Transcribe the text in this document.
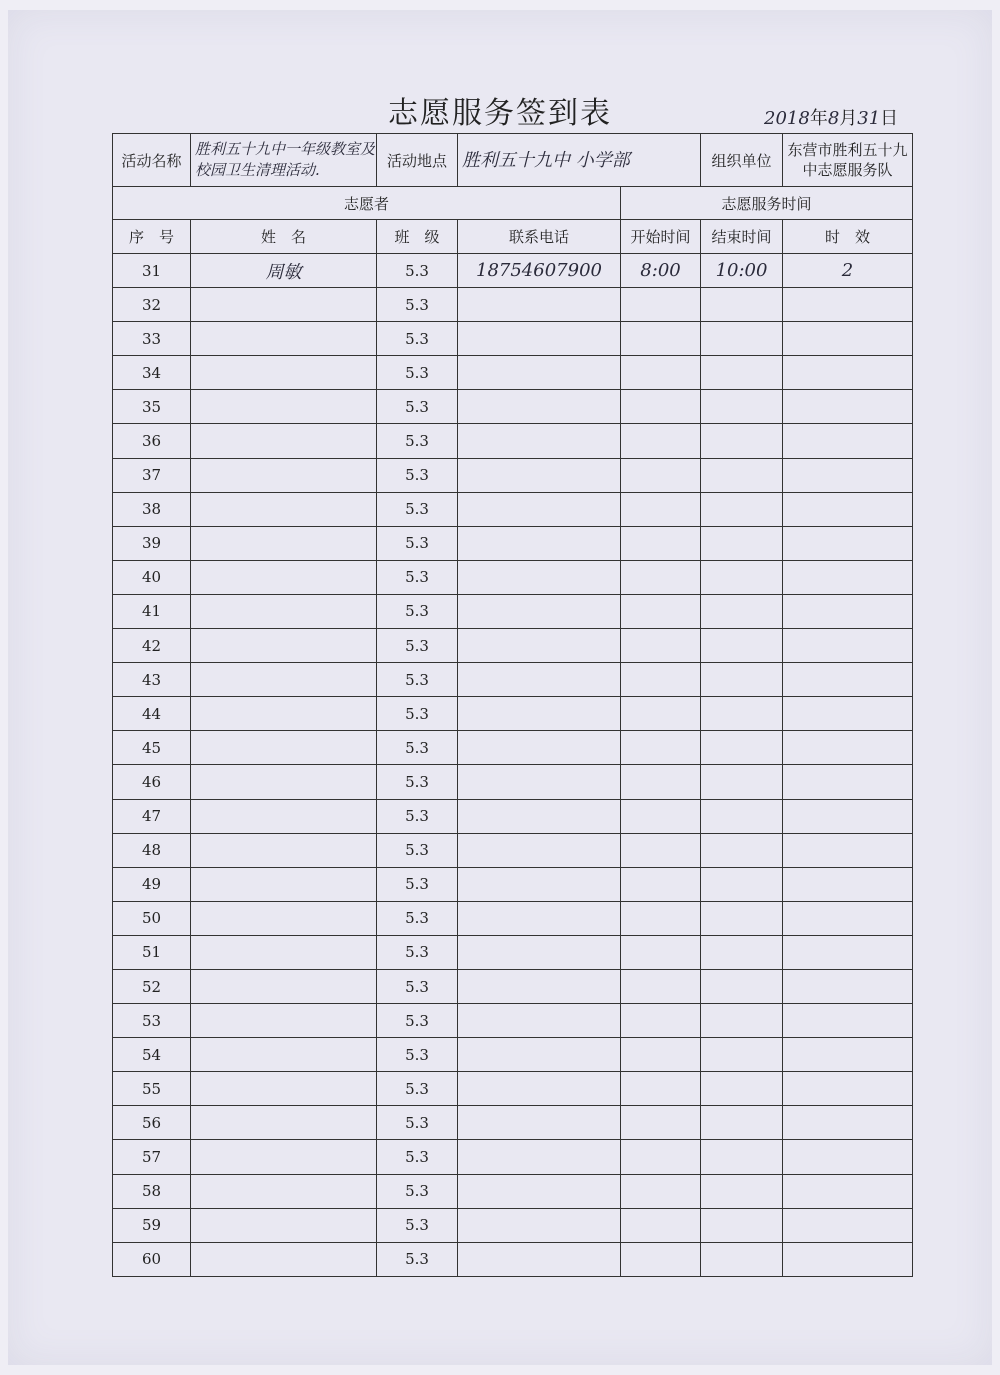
志愿服务签到表	2018年8月31日
活动名称	胜利五十九中一年级教室及校园卫生清理活动.	活动地点	胜利五十九中 小学部		组织单位	东营市胜利五十九中志愿服务队
志愿者				志愿服务时间		
序　号	姓　名	班　级	联系电话	开始时间	结束时间	时　效
31	周敏	5.3	18754607900	8:00	10:00	2
32		5.3				
33		5.3				
34		5.3				
35		5.3				
36		5.3				
37		5.3				
38		5.3				
39		5.3				
40		5.3				
41		5.3				
42		5.3				
43		5.3				
44		5.3				
45		5.3				
46		5.3				
47		5.3				
48		5.3				
49		5.3				
50		5.3				
51		5.3				
52		5.3				
53		5.3				
54		5.3				
55		5.3				
56		5.3				
57		5.3				
58		5.3				
59		5.3				
60		5.3				
